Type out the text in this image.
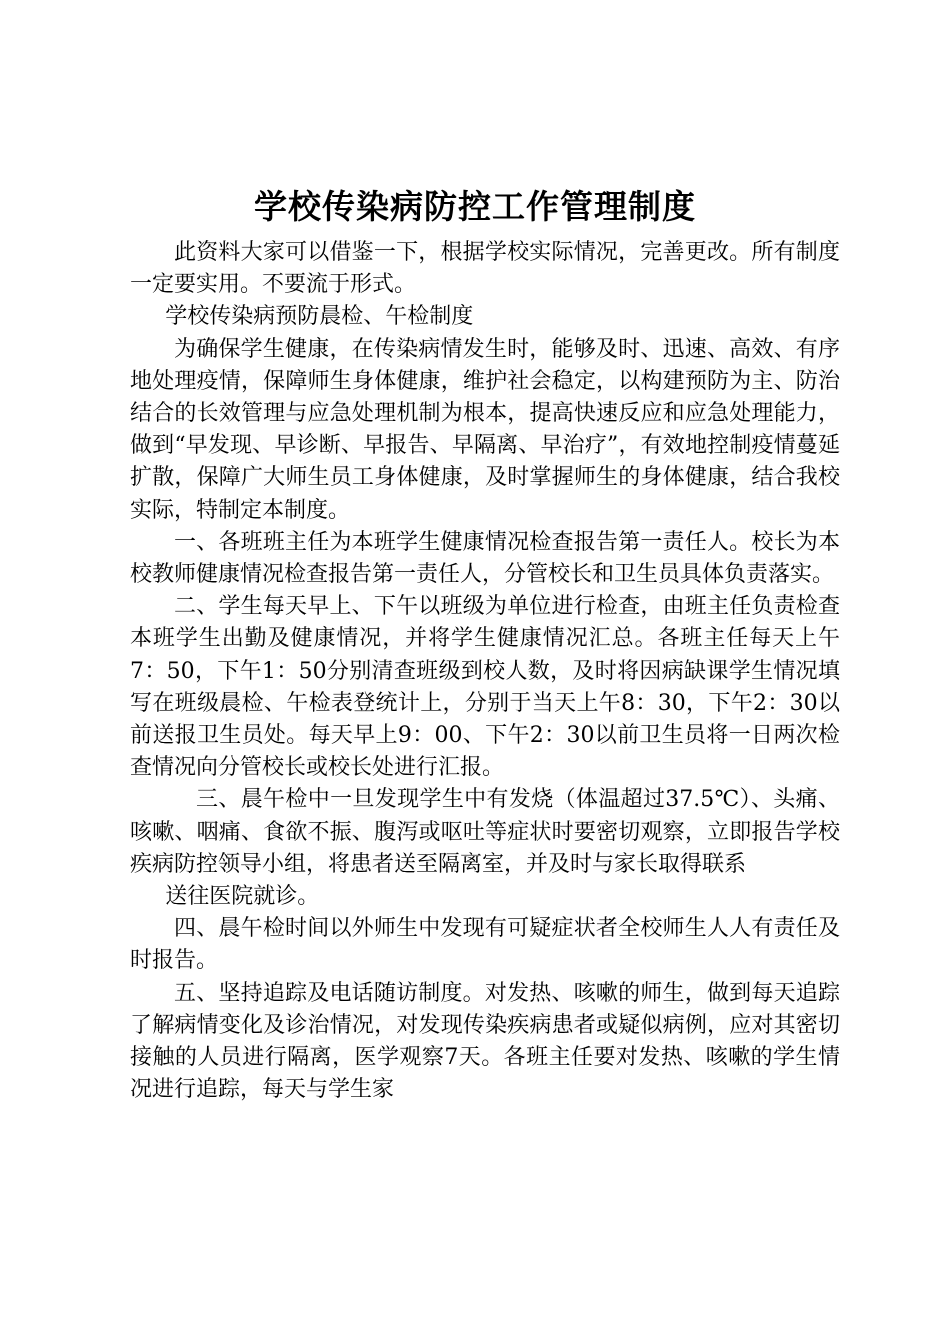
学校传染病防控工作管理制度

此资料大家可以借鉴一下，根据学校实际情况，完善更改。所有制度一定要实用。不要流于形式。

学校传染病预防晨检、午检制度

为确保学生健康，在传染病情发生时，能够及时、迅速、高效、有序地处理疫情，保障师生身体健康，维护社会稳定，以构建预防为主、防治结合的长效管理与应急处理机制为根本，提高快速反应和应急处理能力，做到“早发现、早诊断、早报告、早隔离、早治疗”，有效地控制疫情蔓延扩散，保障广大师生员工身体健康，及时掌握师生的身体健康，结合我校实际，特制定本制度。

一、各班班主任为本班学生健康情况检查报告第一责任人。校长为本校教师健康情况检查报告第一责任人，分管校长和卫生员具体负责落实。

二、学生每天早上、下午以班级为单位进行检查，由班主任负责检查本班学生出勤及健康情况，并将学生健康情况汇总。各班主任每天上午7：50，下午1：50分别清查班级到校人数，及时将因病缺课学生情况填写在班级晨检、午检表登统计上，分别于当天上午8：30，下午2：30以前送报卫生员处。每天早上9：00、下午2：30以前卫生员将一日两次检查情况向分管校长或校长处进行汇报。

三、晨午检中一旦发现学生中有发烧（体温超过37.5℃）、头痛、咳嗽、咽痛、食欲不振、腹泻或呕吐等症状时要密切观察，立即报告学校疾病防控领导小组，将患者送至隔离室，并及时与家长取得联系

送往医院就诊。

四、晨午检时间以外师生中发现有可疑症状者全校师生人人有责任及时报告。

五、坚持追踪及电话随访制度。对发热、咳嗽的师生，做到每天追踪了解病情变化及诊治情况，对发现传染疾病患者或疑似病例，应对其密切接触的人员进行隔离，医学观察7天。各班主任要对发热、咳嗽的学生情况进行追踪，每天与学生家
